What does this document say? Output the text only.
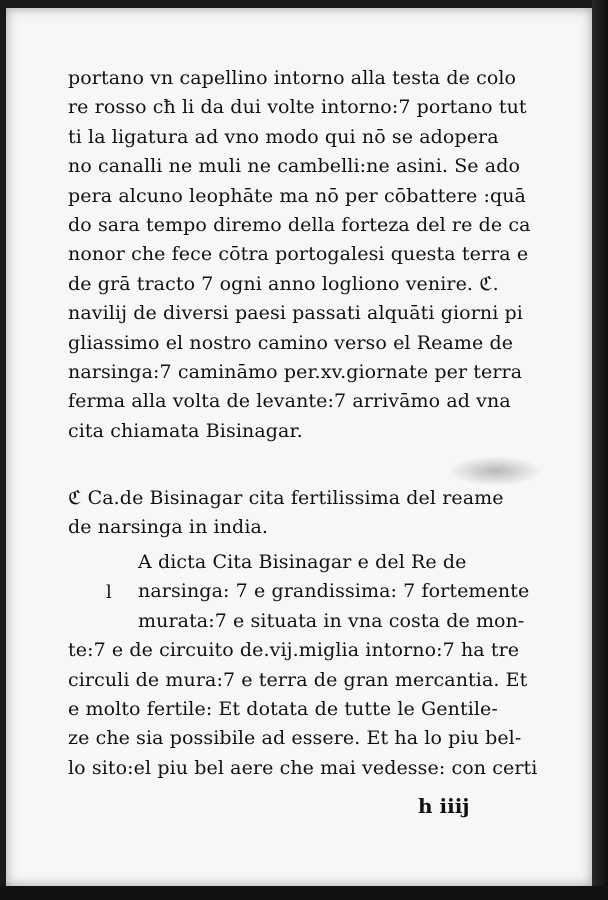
portano vn capellino intorno alla testa de colo
re rosso cħ li da dui volte intorno:7 portano tut
ti la ligatura ad vno modo qui nō se adopera
no canalli ne muli ne cambelli:ne asini. Se ado
pera alcuno leophāte ma nō per cōbattere :quā
do sara tempo diremo della forteza del re de ca
nonor che fece cōtra portogalesi questa terra e
de grā tracto 7 ogni anno logliono venire. ℭ.
navilij de diversi paesi passati alquāti giorni pi
gliassimo el nostro camino verso el Reame de
narsinga:7 camināmo per.xv.giornate per terra
ferma alla volta de levante:7 arrivāmo ad vna
cita chiamata Bisinagar.
ℭ Ca.de Bisinagar cita fertilissima del reame
de narsinga in india.
A dicta Cita Bisinagar e del Re de
narsinga: 7 e grandissima: 7 fortemente
murata:7 e situata in vna costa de mon-
te:7 e de circuito de.vij.miglia intorno:7 ha tre
circuli de mura:7 e terra de gran mercantia. Et
e molto fertile: Et dotata de tutte le Gentile-
ze che sia possibile ad essere. Et ha lo piu bel-
lo sito:el piu bel aere che mai vedesse: con certi
l
h iiij
